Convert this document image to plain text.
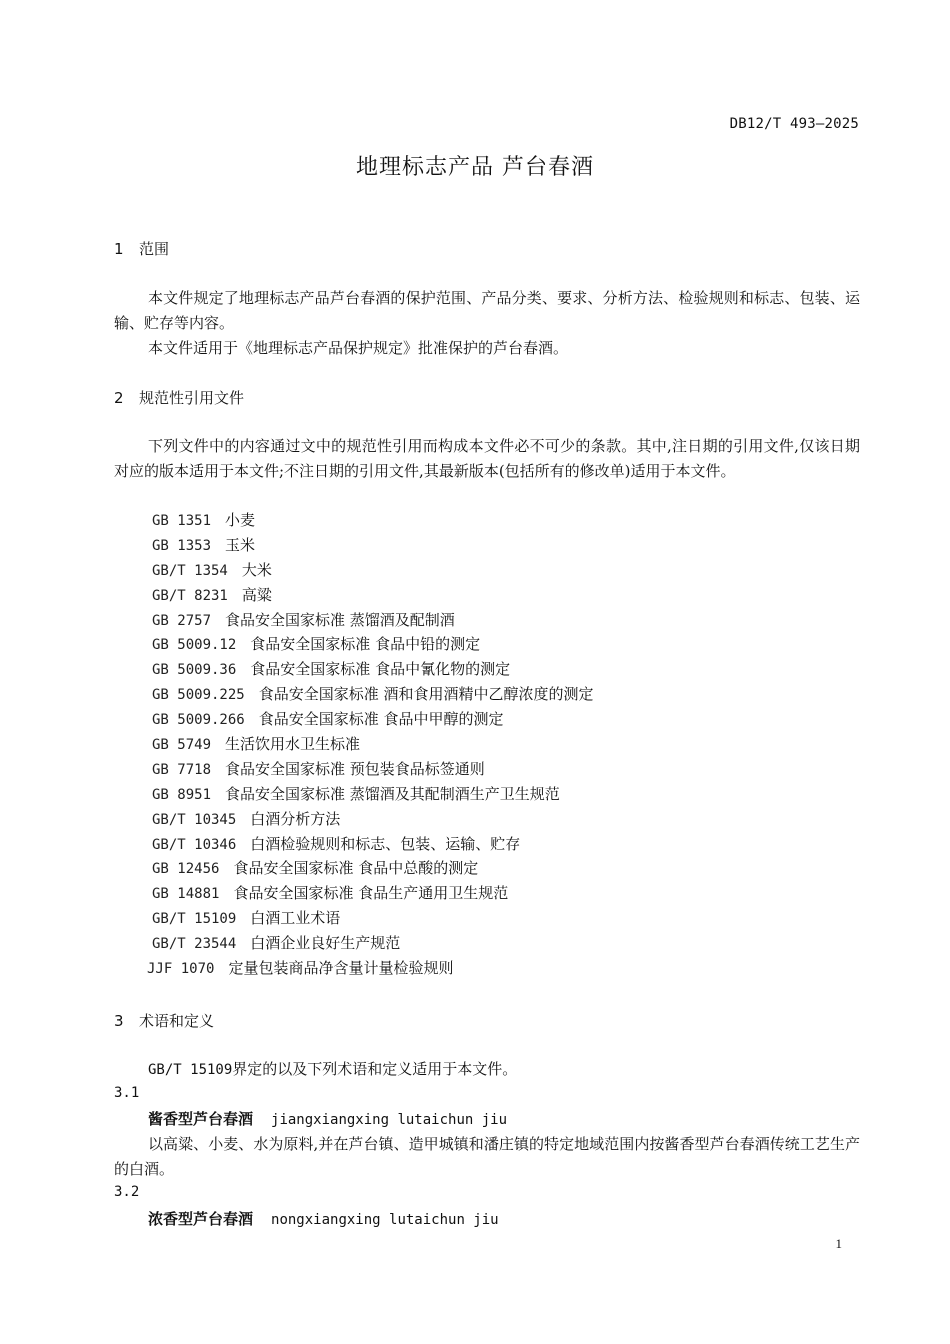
DB12/T 493—2025
地理标志产品 芦台春酒
1 范围
本文件规定了地理标志产品芦台春酒的保护范围、产品分类、要求、分析方法、检验规则和标志、包装、运输、贮存等内容。
本文件适用于《地理标志产品保护规定》批准保护的芦台春酒。
2 规范性引用文件
下列文件中的内容通过文中的规范性引用而构成本文件必不可少的条款。其中,注日期的引用文件,仅该日期对应的版本适用于本文件;不注日期的引用文件,其最新版本(包括所有的修改单)适用于本文件。
GB 1351 小麦
GB 1353 玉米
GB/T 1354 大米
GB/T 8231 高粱
GB 2757 食品安全国家标准 蒸馏酒及配制酒
GB 5009.12 食品安全国家标准 食品中铅的测定
GB 5009.36 食品安全国家标准 食品中氰化物的测定
GB 5009.225 食品安全国家标准 酒和食用酒精中乙醇浓度的测定
GB 5009.266 食品安全国家标准 食品中甲醇的测定
GB 5749 生活饮用水卫生标准
GB 7718 食品安全国家标准 预包装食品标签通则
GB 8951 食品安全国家标准 蒸馏酒及其配制酒生产卫生规范
GB/T 10345 白酒分析方法
GB/T 10346 白酒检验规则和标志、包装、运输、贮存
GB 12456 食品安全国家标准 食品中总酸的测定
GB 14881 食品安全国家标准 食品生产通用卫生规范
GB/T 15109 白酒工业术语
GB/T 23544 白酒企业良好生产规范
JJF 1070 定量包装商品净含量计量检验规则
3 术语和定义
GB/T 15109界定的以及下列术语和定义适用于本文件。
3.1
酱香型芦台春酒 jiangxiangxing lutaichun jiu
以高粱、小麦、水为原料,并在芦台镇、造甲城镇和潘庄镇的特定地域范围内按酱香型芦台春酒传统工艺生产的白酒。
3.2
浓香型芦台春酒 nongxiangxing lutaichun jiu
1
